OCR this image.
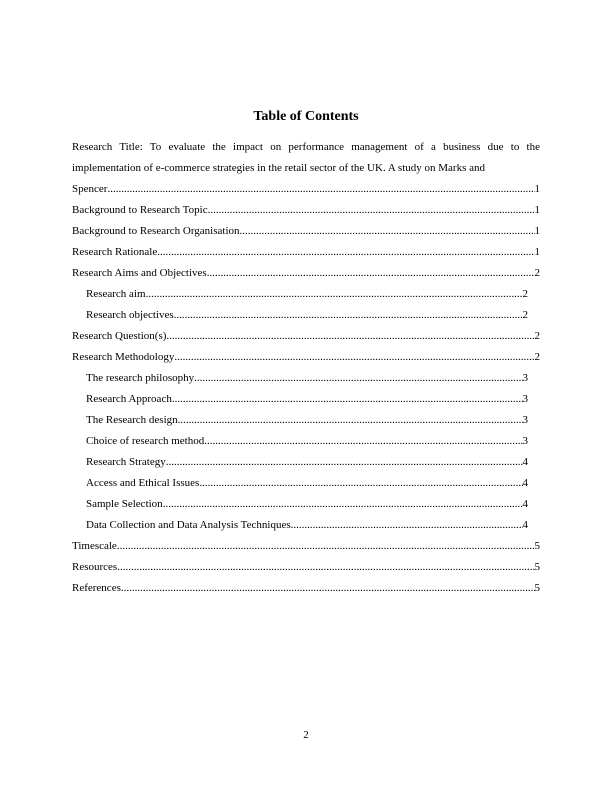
Table of Contents

Research Title: To evaluate the impact on performance management of a business due to the implementation of e-commerce strategies in the retail sector of the UK. A study on Marks and

Spencer .....	1
Background to Research Topic .....	1
Background to Research Organisation .....	1
Research Rationale .....	1
Research Aims and Objectives .....	2
Research aim .....	2
Research objectives .....	2
Research Question(s) .....	2
Research Methodology .....	2
The research philosophy .....	3
Research Approach .....	3
The Research design .....	3
Choice of research method .....	3
Research Strategy .....	4
Access and Ethical Issues .....	4
Sample Selection .....	4
Data Collection and Data Analysis Techniques .....	4
Timescale .....	5
Resources .....	5
References .....	5
2
